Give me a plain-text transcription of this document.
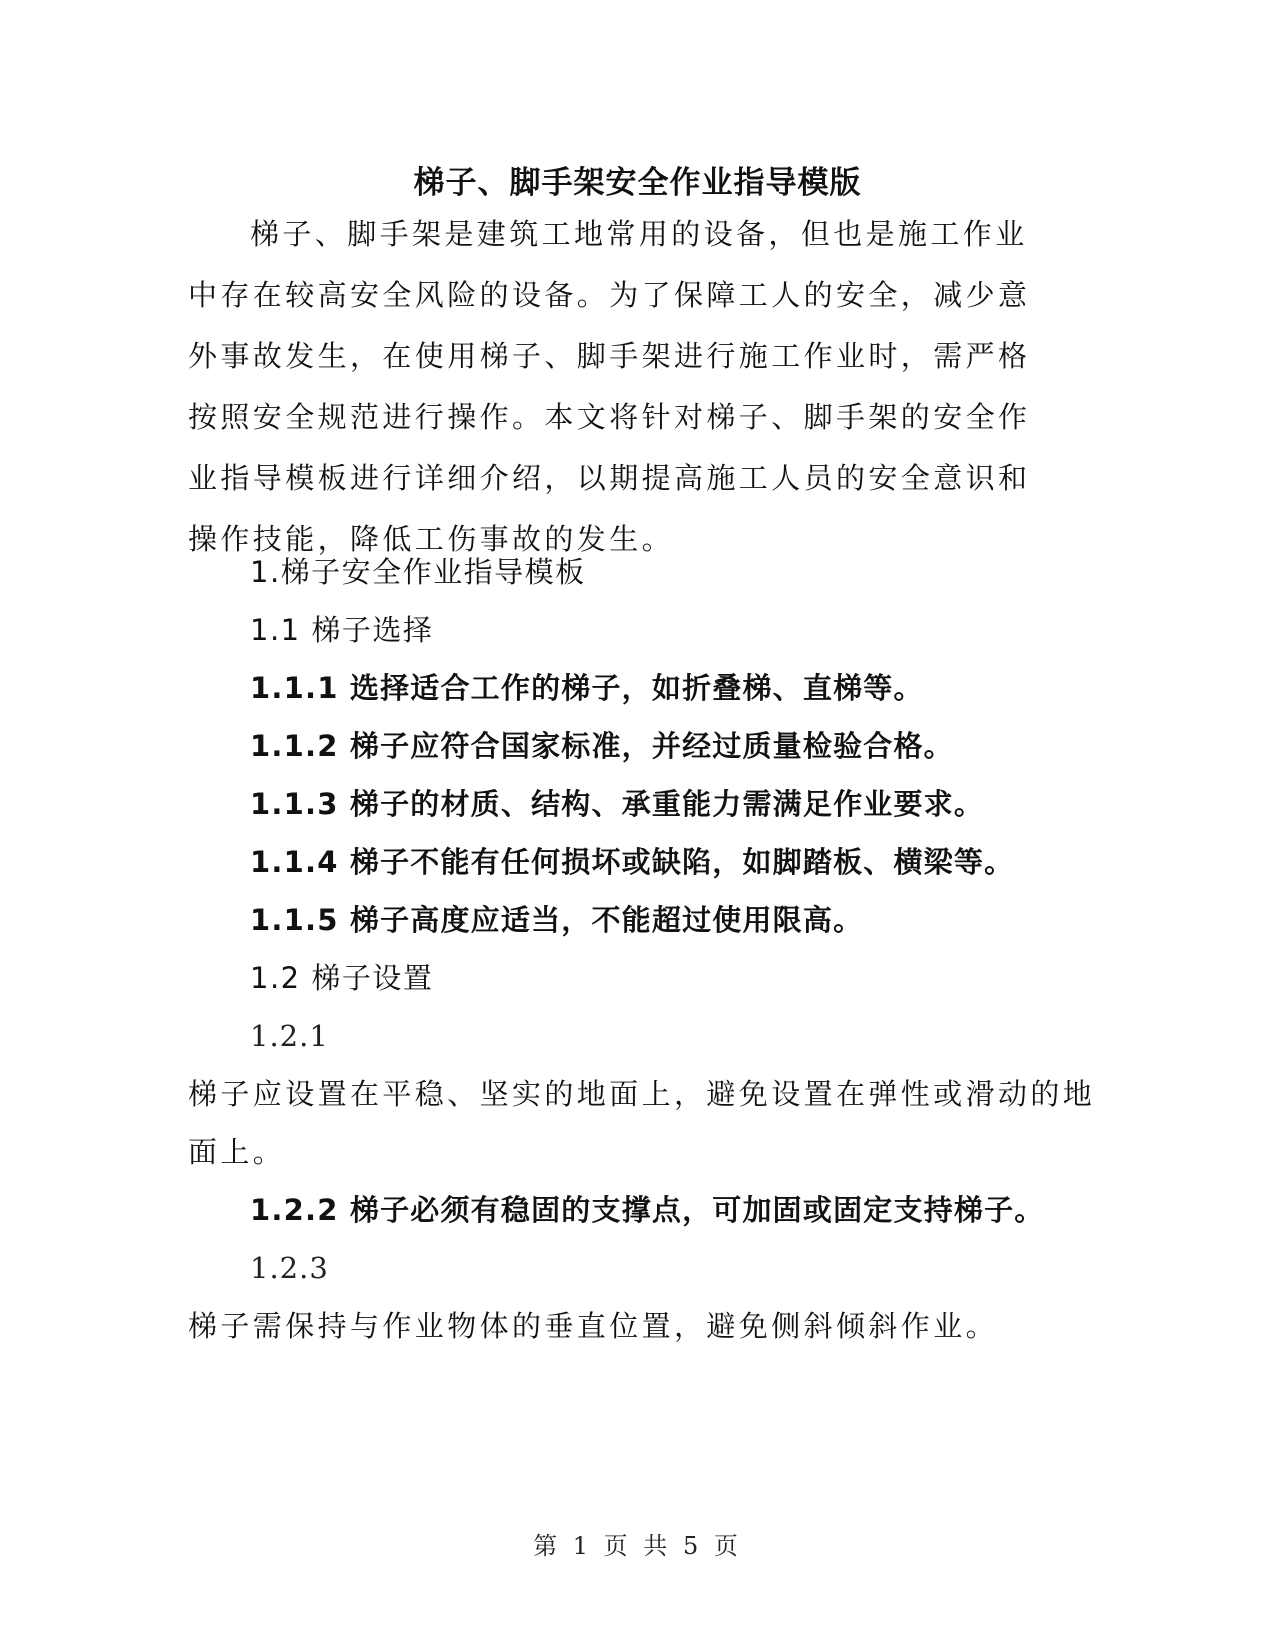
梯子、脚手架安全作业指导模版

梯子、脚手架是建筑工地常用的设备，但也是施工作业中存在较高安全风险的设备。为了保障工人的安全，减少意外事故发生，在使用梯子、脚手架进行施工作业时，需严格按照安全规范进行操作。本文将针对梯子、脚手架的安全作业指导模板进行详细介绍，以期提高施工人员的安全意识和操作技能，降低工伤事故的发生。

1.梯子安全作业指导模板

1.1 梯子选择

1.1.1 选择适合工作的梯子，如折叠梯、直梯等。

1.1.2 梯子应符合国家标准，并经过质量检验合格。

1.1.3 梯子的材质、结构、承重能力需满足作业要求。

1.1.4 梯子不能有任何损坏或缺陷，如脚踏板、横梁等。

1.1.5 梯子高度应适当，不能超过使用限高。

1.2 梯子设置

1.2.1

梯子应设置在平稳、坚实的地面上，避免设置在弹性或滑动的地

面上。

1.2.2 梯子必须有稳固的支撑点，可加固或固定支持梯子。

1.2.3

梯子需保持与作业物体的垂直位置，避免侧斜倾斜作业。

第 1 页 共 5 页
